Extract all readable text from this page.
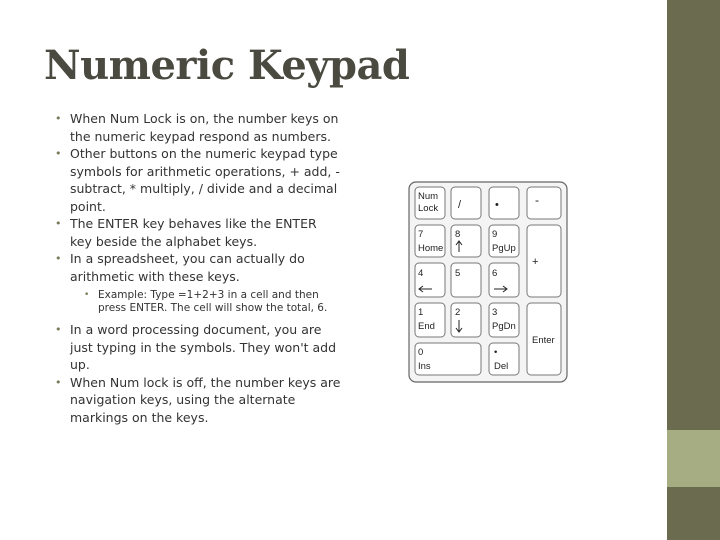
Numeric Keypad
• When Num Lock is on, the number keys on the numeric keypad respond as numbers.
• Other buttons on the numeric keypad type symbols for arithmetic operations, + add, - subtract, * multiply, / divide and a decimal point.
• The ENTER key behaves like the ENTER key beside the alphabet keys.
• In a spreadsheet, you can actually do arithmetic with these keys.
• Example: Type =1+2+3 in a cell and then press ENTER. The cell will show the total, 6.
• In a word processing document, you are just typing in the symbols. They won't add up.
• When Num lock is off, the number keys are navigation keys, using the alternate markings on the keys.
Num
Lock /	•	-
7
Home
8	9
PgUp
+
4	5	6
1
End
2	3
PgDn
Enter
0
Ins
•
Del
